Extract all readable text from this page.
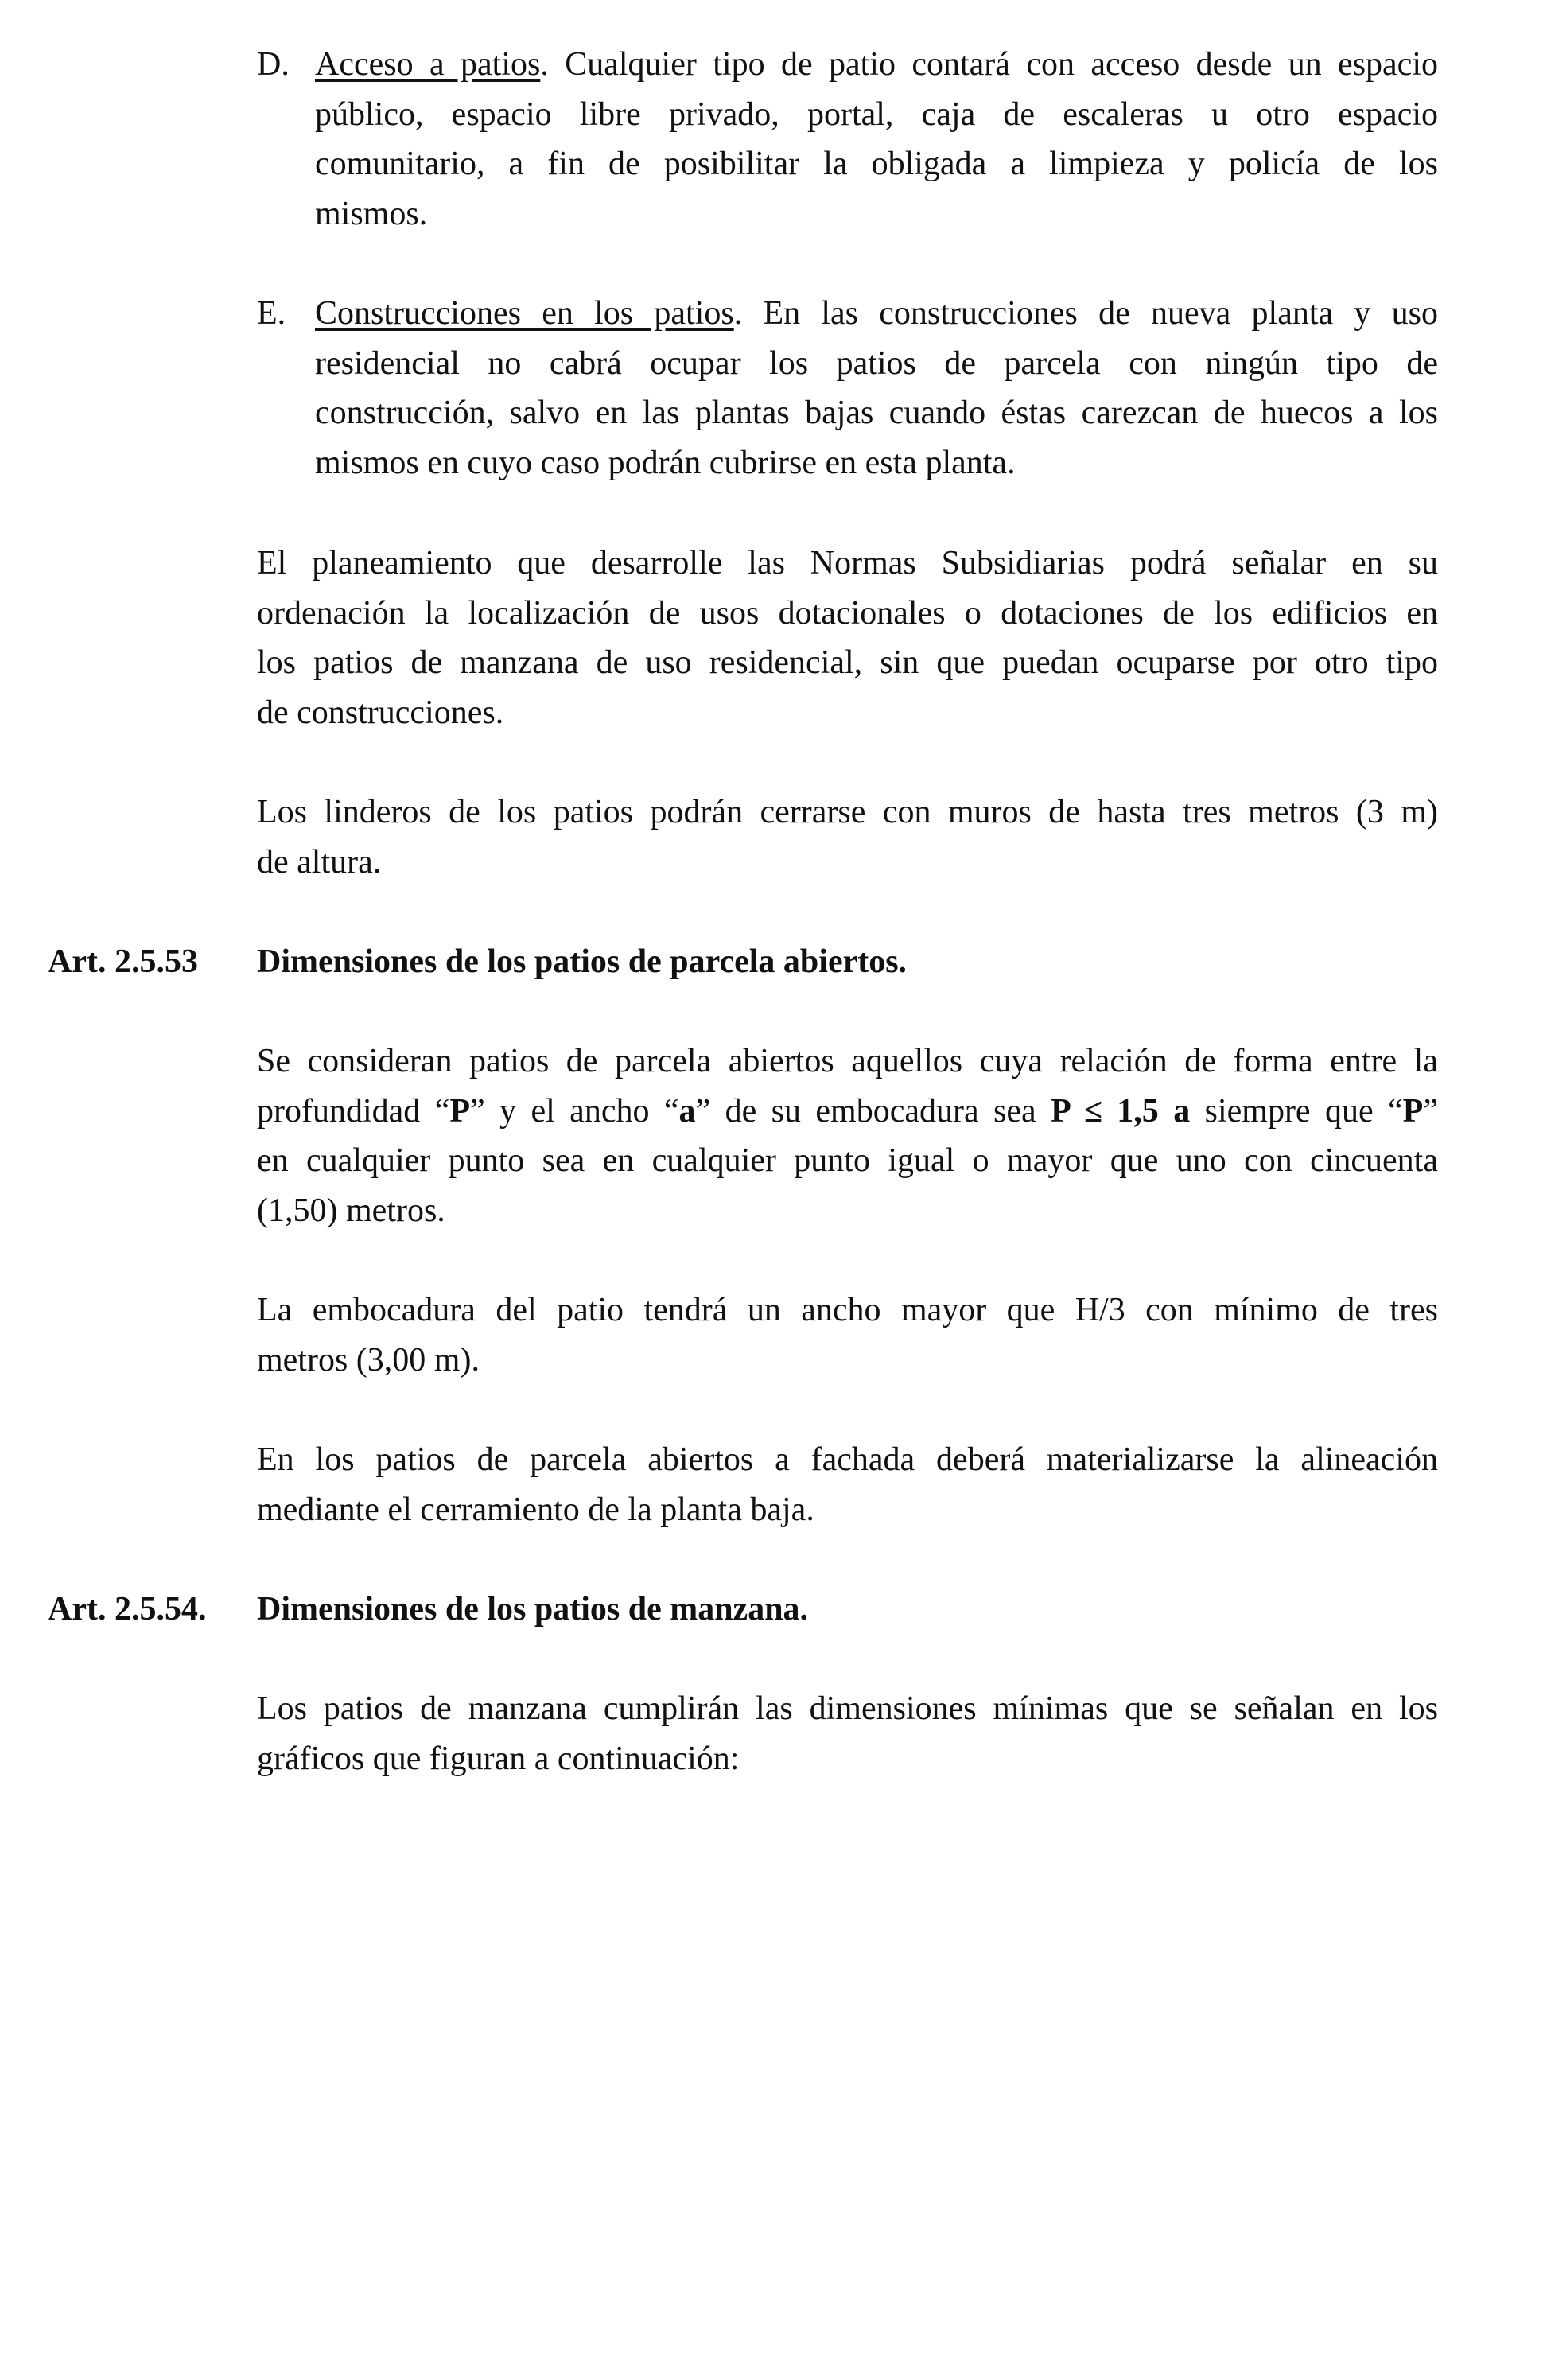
D. Acceso a patios. Cualquier tipo de patio contará con acceso desde un espacio
público, espacio libre privado, portal, caja de escaleras u otro espacio
comunitario, a fin de posibilitar la obligada a limpieza y policía de los
mismos.
E. Construcciones en los patios. En las construcciones de nueva planta y uso
residencial no cabrá ocupar los patios de parcela con ningún tipo de
construcción, salvo en las plantas bajas cuando éstas carezcan de huecos a los
mismos en cuyo caso podrán cubrirse en esta planta.
El planeamiento que desarrolle las Normas Subsidiarias podrá señalar en su
ordenación la localización de usos dotacionales o dotaciones de los edificios en
los patios de manzana de uso residencial, sin que puedan ocuparse por otro tipo
de construcciones.
Los linderos de los patios podrán cerrarse con muros de hasta tres metros (3 m)
de altura.
Art. 2.5.53 Dimensiones de los patios de parcela abiertos.
Se consideran patios de parcela abiertos aquellos cuya relación de forma entre la
profundidad “P” y el ancho “a” de su embocadura sea P ≤ 1,5 a siempre que “P”
en cualquier punto sea en cualquier punto igual o mayor que uno con cincuenta
(1,50) metros.
La embocadura del patio tendrá un ancho mayor que H/3 con mínimo de tres
metros (3,00 m).
En los patios de parcela abiertos a fachada deberá materializarse la alineación
mediante el cerramiento de la planta baja.
Art. 2.5.54. Dimensiones de los patios de manzana.
Los patios de manzana cumplirán las dimensiones mínimas que se señalan en los
gráficos que figuran a continuación:
